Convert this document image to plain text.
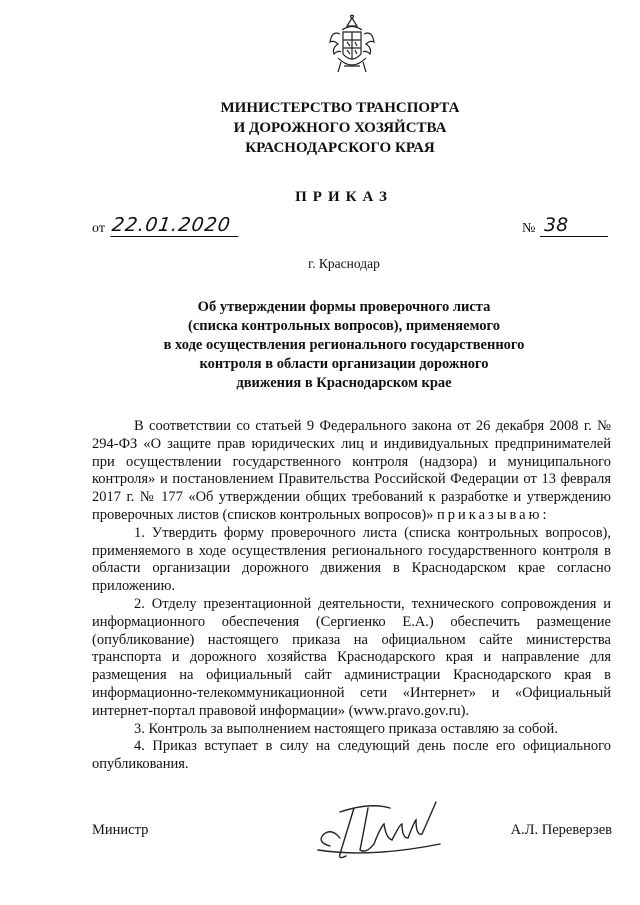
МИНИСТЕРСТВО ТРАНСПОРТА
И ДОРОЖНОГО ХОЗЯЙСТВА
КРАСНОДАРСКОГО КРАЯ
ПРИКАЗ
от 22.01.2020	№ 38
г. Краснодар
Об утверждении формы проверочного листа
(списка контрольных вопросов), применяемого
в ходе осуществления регионального государственного
контроля в области организации дорожного
движения в Краснодарском крае

В соответствии со статьей 9 Федерального закона от 26 декабря 2008 г. № 294-ФЗ «О защите прав юридических лиц и индивидуальных предпринимателей при осуществлении государственного контроля (надзора) и муниципального контроля» и постановлением Правительства Российской Федерации от 13 февраля 2017 г. № 177 «Об утверждении общих требований к разработке и утверждению проверочных листов (списков контрольных вопросов)» приказываю:

1. Утвердить форму проверочного листа (списка контрольных вопросов), применяемого в ходе осуществления регионального государственного контроля в области организации дорожного движения в Краснодарском крае согласно приложению.

2. Отделу презентационной деятельности, технического сопровождения и информационного обеспечения (Сергиенко Е.А.) обеспечить размещение (опубликование) настоящего приказа на официальном сайте министерства транспорта и дорожного хозяйства Краснодарского края и направление для размещения на официальный сайт администрации Краснодарского края в информационно-телекоммуникационной сети «Интернет» и «Официальный интернет-портал правовой информации» (www.pravo.gov.ru).

3. Контроль за выполнением настоящего приказа оставляю за собой.

4. Приказ вступает в силу на следующий день после его официального опубликования.

Министр	А.Л. Переверзев
